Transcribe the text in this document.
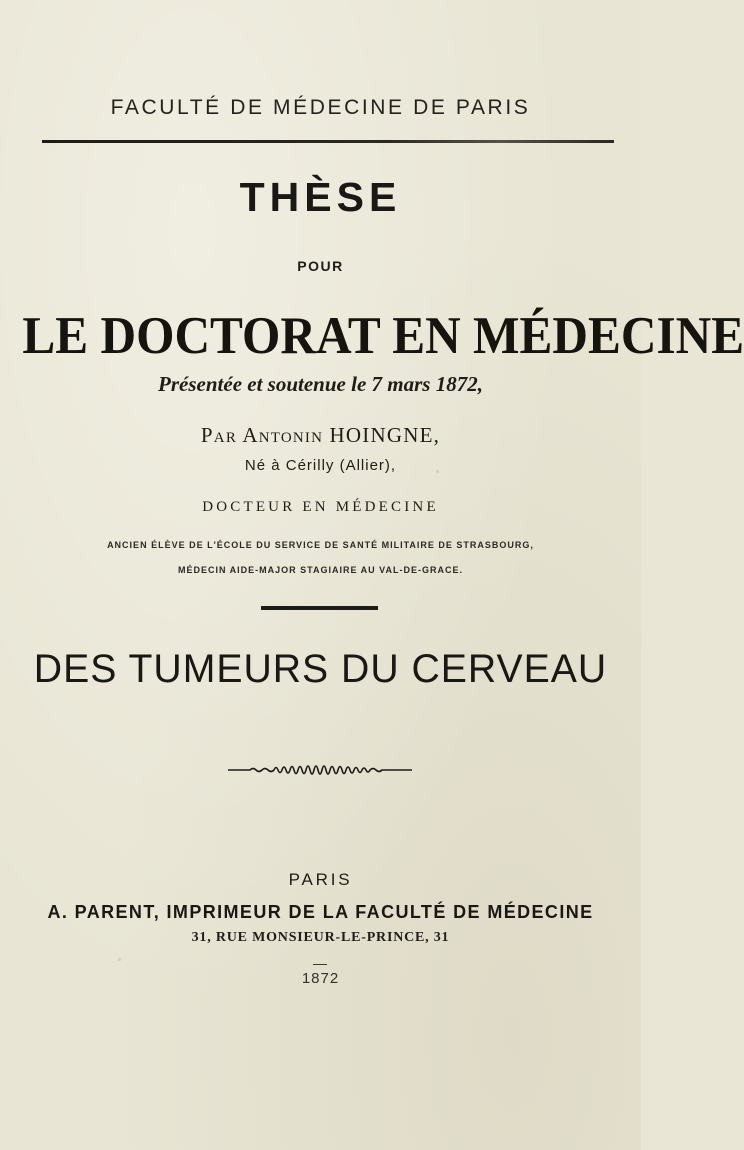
FACULTÉ DE MÉDECINE DE PARIS
THÈSE
POUR
LE DOCTORAT EN MÉDECINE
Présentée et soutenue le 7 mars 1872,
Par Antonin HOINGNE,
Né à Cérilly (Allier),
DOCTEUR EN MÉDECINE
ANCIEN ÉLÈVE DE L'ÉCOLE DU SERVICE DE SANTÉ MILITAIRE DE STRASBOURG,
MÉDECIN AIDE-MAJOR STAGIAIRE AU VAL-DE-GRACE.
DES TUMEURS DU CERVEAU
PARIS
A. PARENT, IMPRIMEUR DE LA FACULTÉ DE MÉDECINE
31, RUE MONSIEUR-LE-PRINCE, 31
1872
